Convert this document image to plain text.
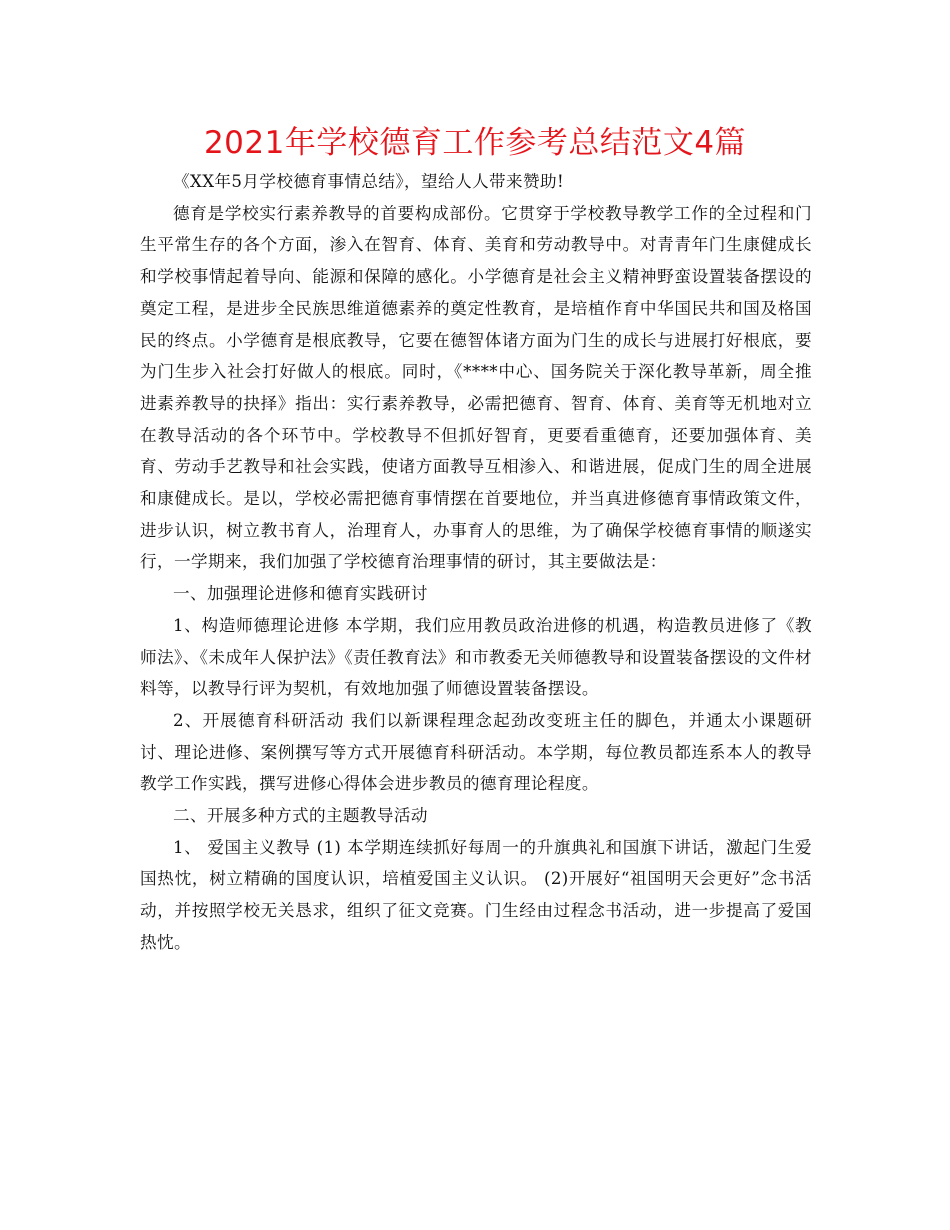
2021年学校德育工作参考总结范文4篇

《XX年5月学校德育事情总结》，望给人人带来赞助!

德育是学校实行素养教导的首要构成部份。它贯穿于学校教导教学工作的全过程和门生平常生存的各个方面，渗入在智育、体育、美育和劳动教导中。对青青年门生康健成长和学校事情起着导向、能源和保障的感化。小学德育是社会主义精神野蛮设置装备摆设的奠定工程，是进步全民族思维道德素养的奠定性教育，是培植作育中华国民共和国及格国民的终点。小学德育是根底教导，它要在德智体诸方面为门生的成长与进展打好根底，要为门生步入社会打好做人的根底。同时，《****中心、国务院关于深化教导革新，周全推进素养教导的抉择》指出：实行素养教导，必需把德育、智育、体育、美育等无机地对立在教导活动的各个环节中。学校教导不但抓好智育，更要看重德育，还要加强体育、美育、劳动手艺教导和社会实践，使诸方面教导互相渗入、和谐进展，促成门生的周全进展和康健成长。是以，学校必需把德育事情摆在首要地位，并当真进修德育事情政策文件，进步认识，树立教书育人，治理育人，办事育人的思维，为了确保学校德育事情的顺遂实行，一学期来，我们加强了学校德育治理事情的研讨，其主要做法是：

一、加强理论进修和德育实践研讨

1、构造师德理论进修 本学期，我们应用教员政治进修的机遇，构造教员进修了《教师法》、《未成年人保护法》《责任教育法》和市教委无关师德教导和设置装备摆设的文件材料等，以教导行评为契机，有效地加强了师德设置装备摆设。

2、开展德育科研活动 我们以新课程理念起劲改变班主任的脚色，并通太小课题研讨、理论进修、案例撰写等方式开展德育科研活动。本学期，每位教员都连系本人的教导教学工作实践，撰写进修心得体会进步教员的德育理论程度。

二、开展多种方式的主题教导活动

1、 爱国主义教导 (1) 本学期连续抓好每周一的升旗典礼和国旗下讲话，激起门生爱国热忱，树立精确的国度认识，培植爱国主义认识。 (2)开展好“祖国明天会更好”念书活动，并按照学校无关恳求，组织了征文竞赛。门生经由过程念书活动，进一步提高了爱国热忱。
